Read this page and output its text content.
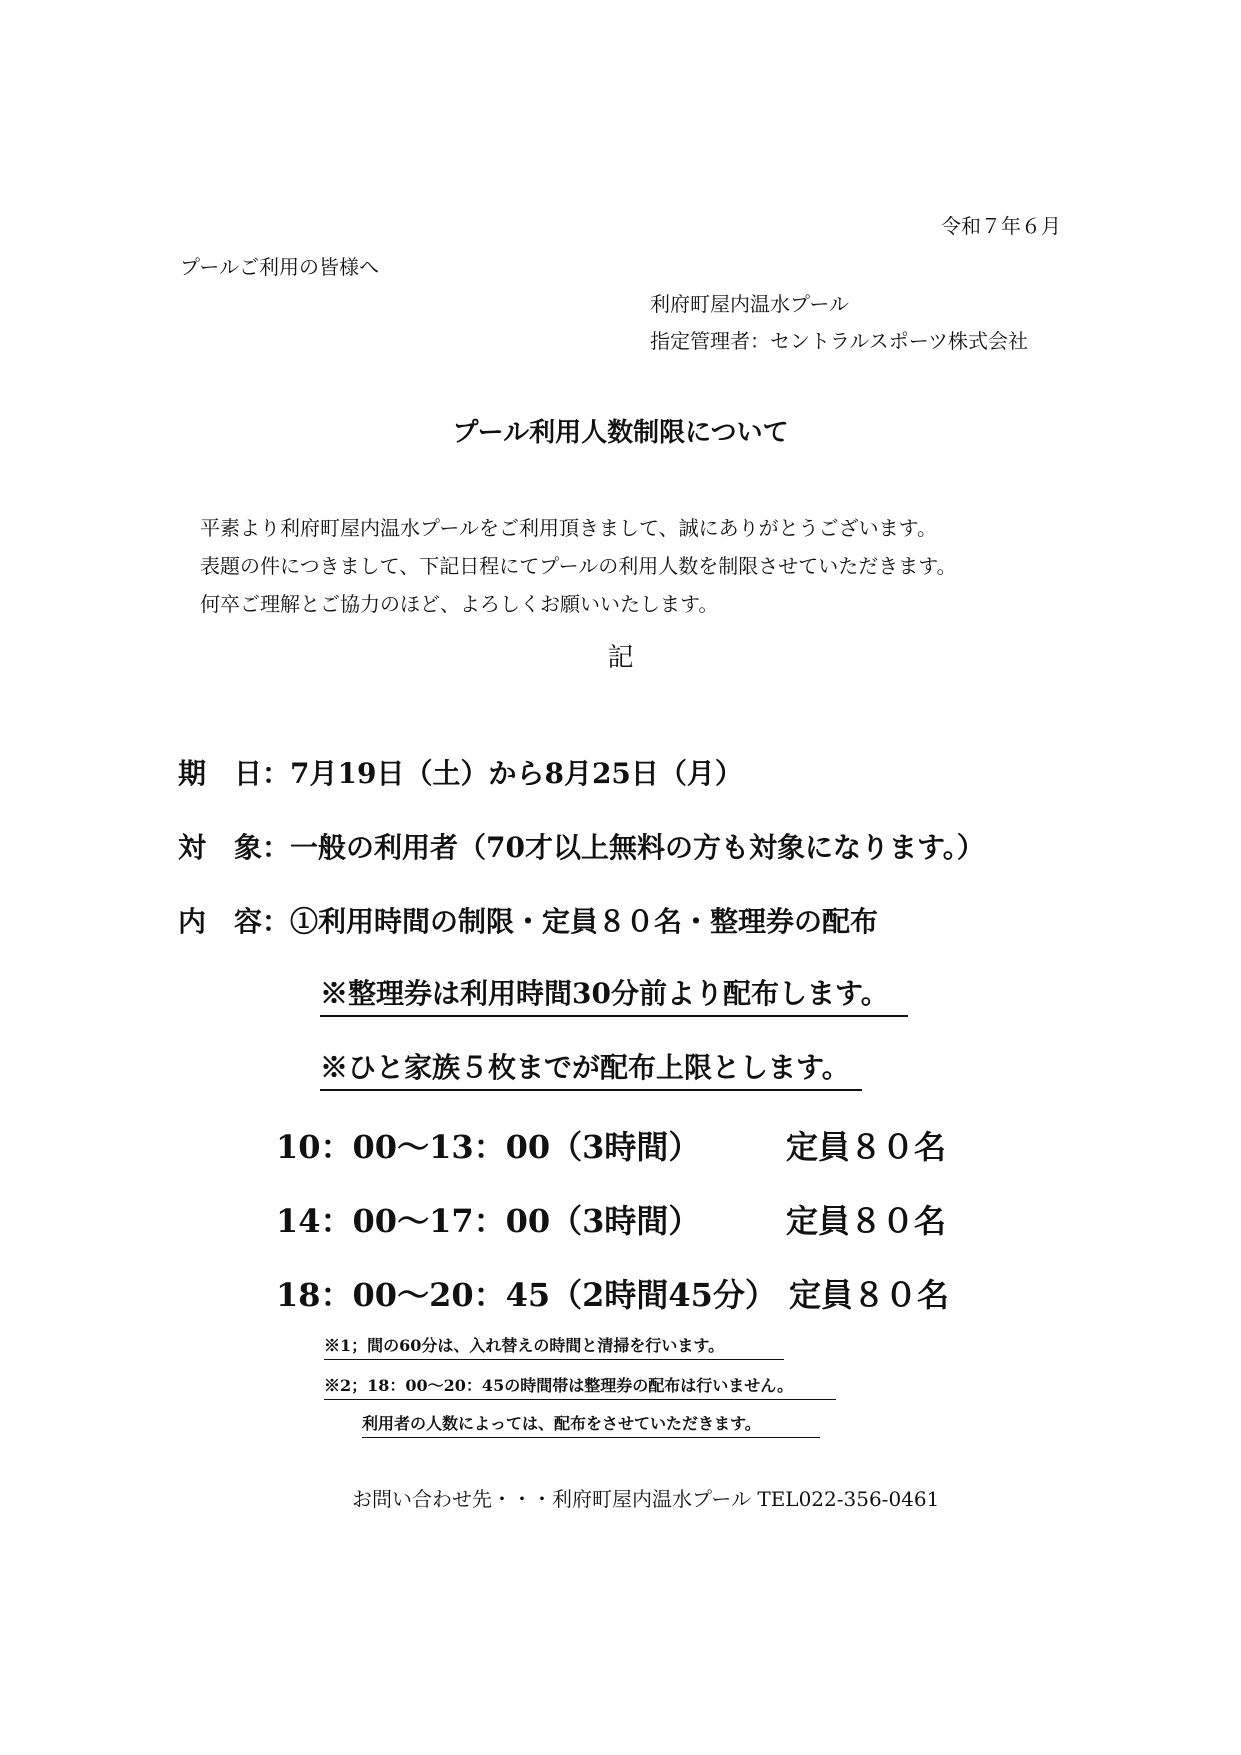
令和７年６月
プールご利用の皆様へ
利府町屋内温水プール
指定管理者：セントラルスポーツ株式会社
プール利用人数制限について
平素より利府町屋内温水プールをご利用頂きまして、誠にありがとうございます。
表題の件につきまして、下記日程にてプールの利用人数を制限させていただきます。
何卒ご理解とご協力のほど、よろしくお願いいたします。
記
期　日：7月19日（土）から8月25日（月）
対　象：一般の利用者（70才以上無料の方も対象になります。）
内　容：①利用時間の制限・定員８０名・整理券の配布
※整理券は利用時間30分前より配布します。
※ひと家族５枚までが配布上限とします。
10：00～13：00（3時間）	定員８０名
14：00～17：00（3時間）	定員８０名
18：00～20：45（2時間45分） 定員８０名
※1；間の60分は、入れ替えの時間と清掃を行います。
※2；18：00～20：45の時間帯は整理券の配布は行いません。
利用者の人数によっては、配布をさせていただきます。
お問い合わせ先・・・利府町屋内温水プール TEL022-356-0461
